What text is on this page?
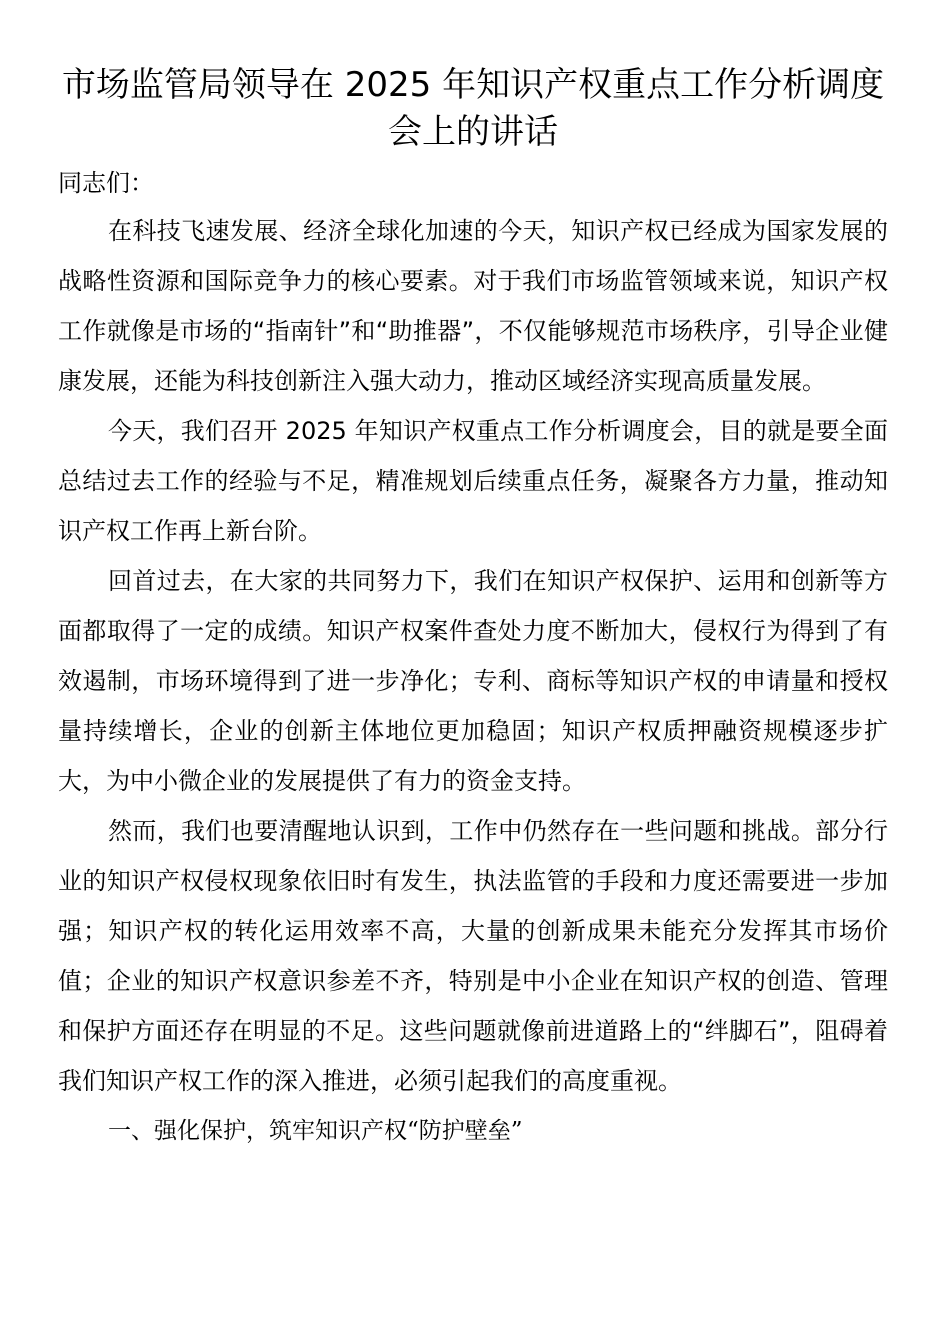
市场监管局领导在 2025 年知识产权重点工作分析调度会上的讲话

同志们：

在科技飞速发展、经济全球化加速的今天，知识产权已经成为国家发展的战略性资源和国际竞争力的核心要素。对于我们市场监管领域来说，知识产权工作就像是市场的“指南针”和“助推器”，不仅能够规范市场秩序，引导企业健康发展，还能为科技创新注入强大动力，推动区域经济实现高质量发展。

今天，我们召开 2025 年知识产权重点工作分析调度会，目的就是要全面总结过去工作的经验与不足，精准规划后续重点任务，凝聚各方力量，推动知识产权工作再上新台阶。

回首过去，在大家的共同努力下，我们在知识产权保护、运用和创新等方面都取得了一定的成绩。知识产权案件查处力度不断加大，侵权行为得到了有效遏制，市场环境得到了进一步净化；专利、商标等知识产权的申请量和授权量持续增长，企业的创新主体地位更加稳固；知识产权质押融资规模逐步扩大，为中小微企业的发展提供了有力的资金支持。

然而，我们也要清醒地认识到，工作中仍然存在一些问题和挑战。部分行业的知识产权侵权现象依旧时有发生，执法监管的手段和力度还需要进一步加强；知识产权的转化运用效率不高，大量的创新成果未能充分发挥其市场价值；企业的知识产权意识参差不齐，特别是中小企业在知识产权的创造、管理和保护方面还存在明显的不足。这些问题就像前进道路上的“绊脚石”，阻碍着我们知识产权工作的深入推进，必须引起我们的高度重视。

一、强化保护，筑牢知识产权“防护壁垒”
